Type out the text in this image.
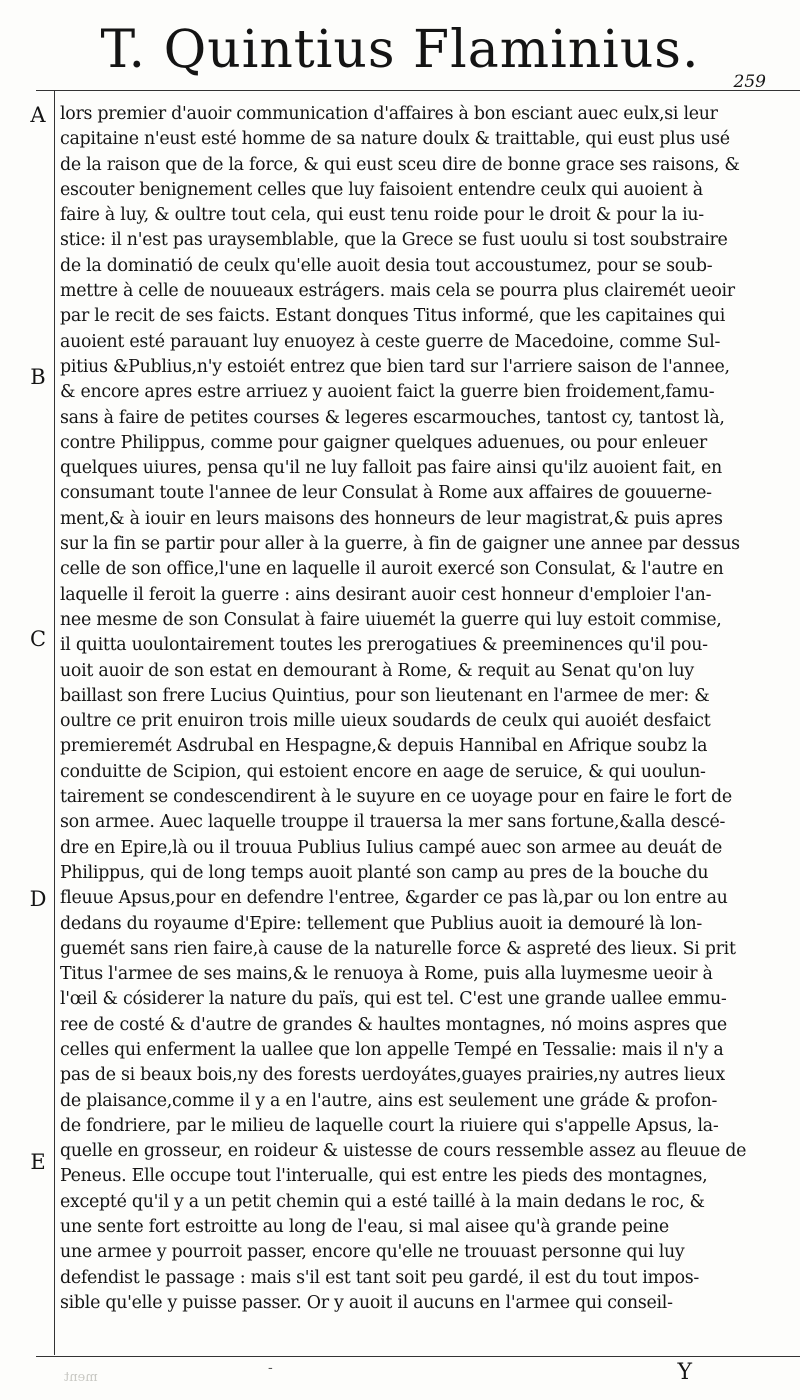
T. Quintius Flaminius.
259
A
B
C
D
E
lors premier d'auoir communication d'affaires à bon esciant auec eulx,si leur
capitaine n'eust esté homme de sa nature doulx & traittable, qui eust plus usé
de la raison que de la force, & qui eust sceu dire de bonne grace ses raisons, &
escouter benignement celles que luy faisoient entendre ceulx qui auoient à
faire à luy, & oultre tout cela, qui eust tenu roide pour le droit & pour la iu-
stice: il n'est pas uraysemblable, que la Grece se fust uoulu si tost soubstraire
de la dominatió de ceulx qu'elle auoit desia tout accoustumez, pour se soub-
mettre à celle de nouueaux estrágers. mais cela se pourra plus clairemét ueoir
par le recit de ses faicts. Estant donques Titus informé, que les capitaines qui
auoient esté parauant luy enuoyez à ceste guerre de Macedoine, comme Sul-
pitius &Publius,n'y estoiét entrez que bien tard sur l'arriere saison de l'annee,
& encore apres estre arriuez y auoient faict la guerre bien froidement,famu-
sans à faire de petites courses & legeres escarmouches, tantost cy, tantost là,
contre Philippus, comme pour gaigner quelques aduenues, ou pour enleuer
quelques uiures, pensa qu'il ne luy falloit pas faire ainsi qu'ilz auoient fait, en
consumant toute l'annee de leur Consulat à Rome aux affaires de gouuerne-
ment,& à iouir en leurs maisons des honneurs de leur magistrat,& puis apres
sur la fin se partir pour aller à la guerre, à fin de gaigner une annee par dessus
celle de son office,l'une en laquelle il auroit exercé son Consulat, & l'autre en
laquelle il feroit la guerre : ains desirant auoir cest honneur d'emploier l'an-
nee mesme de son Consulat à faire uiuemét la guerre qui luy estoit commise,
il quitta uoulontairement toutes les prerogatiues & preeminences qu'il pou-
uoit auoir de son estat en demourant à Rome, & requit au Senat qu'on luy
baillast son frere Lucius Quintius, pour son lieutenant en l'armee de mer: &
oultre ce prit enuiron trois mille uieux soudards de ceulx qui auoiét desfaict
premieremét Asdrubal en Hespagne,& depuis Hannibal en Afrique soubz la
conduitte de Scipion, qui estoient encore en aage de seruice, & qui uoulun-
tairement se condescendirent à le suyure en ce uoyage pour en faire le fort de
son armee. Auec laquelle trouppe il trauersa la mer sans fortune,&alla descé-
dre en Epire,là ou il trouua Publius Iulius campé auec son armee au deuát de
Philippus, qui de long temps auoit planté son camp au pres de la bouche du
fleuue Apsus,pour en defendre l'entree, &garder ce pas là,par ou lon entre au
dedans du royaume d'Epire: tellement que Publius auoit ia demouré là lon-
guemét sans rien faire,à cause de la naturelle force & aspreté des lieux. Si prit
Titus l'armee de ses mains,& le renuoya à Rome, puis alla luymesme ueoir à
l'œil & cósiderer la nature du païs, qui est tel. C'est une grande uallee emmu-
ree de costé & d'autre de grandes & haultes montagnes, nó moins aspres que
celles qui enferment la uallee que lon appelle Tempé en Tessalie: mais il n'y a
pas de si beaux bois,ny des forests uerdoyátes,guayes prairies,ny autres lieux
de plaisance,comme il y a en l'autre, ains est seulement une gráde & profon-
de fondriere, par le milieu de laquelle court la riuiere qui s'appelle Apsus, la-
quelle en grosseur, en roideur & uistesse de cours ressemble assez au fleuue de
Peneus. Elle occupe tout l'interualle, qui est entre les pieds des montagnes,
excepté qu'il y a un petit chemin qui a esté taillé à la main dedans le roc, &
une sente fort estroitte au long de l'eau, si mal aisee qu'à grande peine
une armee y pourroit passer, encore qu'elle ne trouuast personne qui luy
defendist le passage : mais s'il est tant soit peu gardé, il est du tout impos-
sible qu'elle y puisse passer. Or y auoit il aucuns en l'armee qui conseil-
-	Y
ment
